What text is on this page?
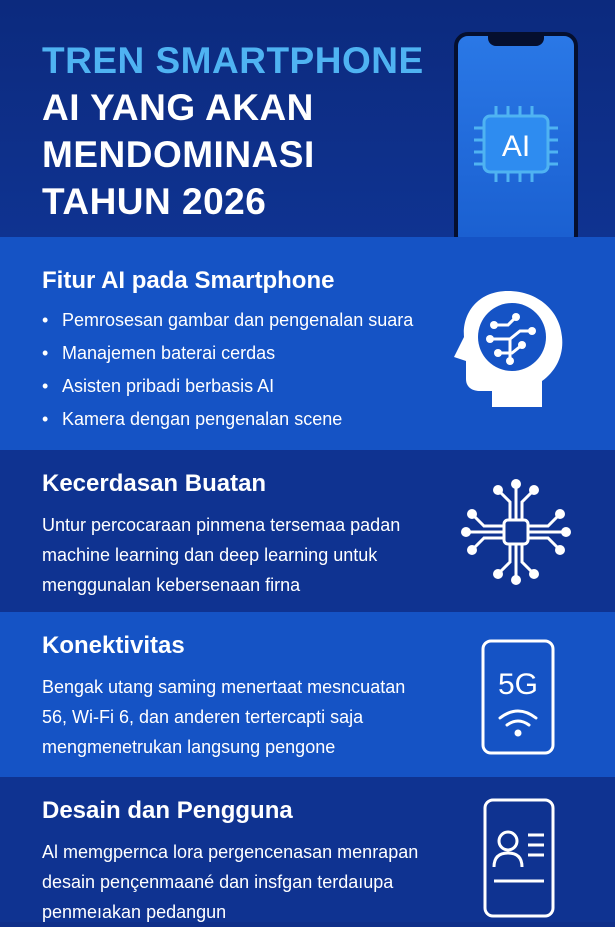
TREN SMARTPHONE
AI YANG AKAN
MENDOMINASI
TAHUN 2026
AI
Fitur AI pada Smartphone
• Pemrosesan gambar dan pengenalan suara
• Manajemen baterai cerdas
• Asisten pribadi berbasis AI
• Kamera dengan pengenalan scene
Kecerdasan Buatan
Untur percocaraan pinmena tersemaa padan
machine learning dan deep learning untuk
menggunalan kebersenaan firna
Konektivitas
Bengak utang saming menertaat mesncuatan
56, Wi-Fi 6, dan anderen tertercapti saja
mengmenetrukan langsung pengone
5G
Desain dan Pengguna
Al memgpernca lora pergencenasan menrapan
desain pençenmaané dan insfgan terdaıupa
penmeıakan pedangun
